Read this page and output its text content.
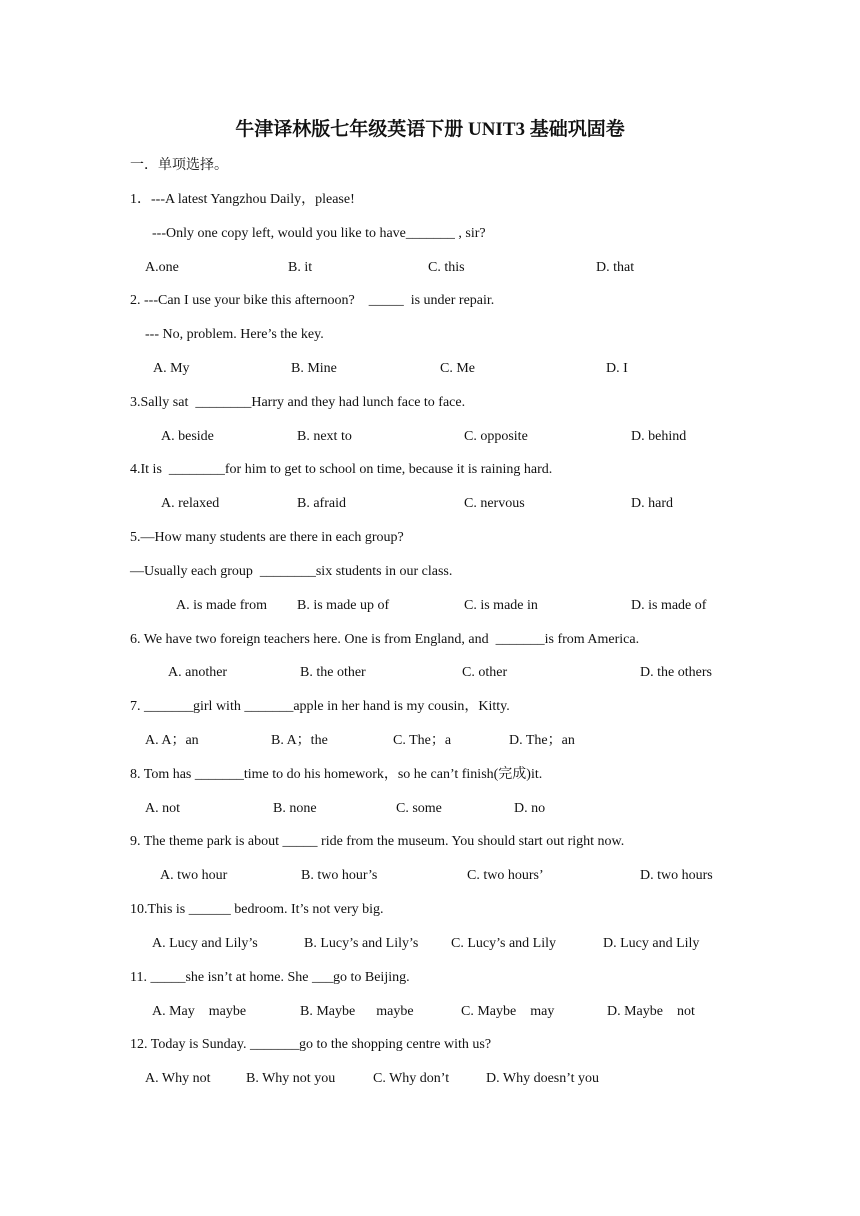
牛津译林版七年级英语下册 UNIT3 基础巩固卷
一．单项选择。
1．---A latest Yangzhou Daily，please!
---Only one copy left, would you like to have_______ , sir?
A.one	B. it	C. this	D. that
2. ---Can I use your bike this afternoon?    _____  is under repair.
--- No, problem. Here’s the key.
A. My	B. Mine	C. Me	D. I
3.Sally sat  ________Harry and they had lunch face to face.
A. beside	B. next to	C. opposite	D. behind
4.It is  ________for him to get to school on time, because it is raining hard.
A. relaxed	B. afraid	C. nervous	D. hard
5.—How many students are there in each group?
—Usually each group  ________six students in our class.
A. is made from B. is made up of	C. is made in	D. is made of
6. We have two foreign teachers here. One is from England, and  _______is from America.
A. another	B. the other	C. other	D. the others
7. _______girl with _______apple in her hand is my cousin，Kitty.
A. A；an	B. A；the	C. The；a	D. The；an
8. Tom has _______time to do his homework，so he can’t finish(完成)it.
A. not	B. none	C. some	D. no
9. The theme park is about _____ ride from the museum. You should start out right now.
A. two hour	B. two hour’s	C. two hours’	D. two hours
10.This is ______ bedroom. It’s not very big.
A. Lucy and Lily’s	B. Lucy’s and Lily’s C. Lucy’s and Lily	D. Lucy and Lily
11. _____she isn’t at home. She ___go to Beijing.
A. May    maybe	B. Maybe      maybe	C. Maybe    may	D. Maybe    not
12. Today is Sunday. _______go to the shopping centre with us?
A. Why not	B. Why not you	C. Why don’t	D. Why doesn’t you
